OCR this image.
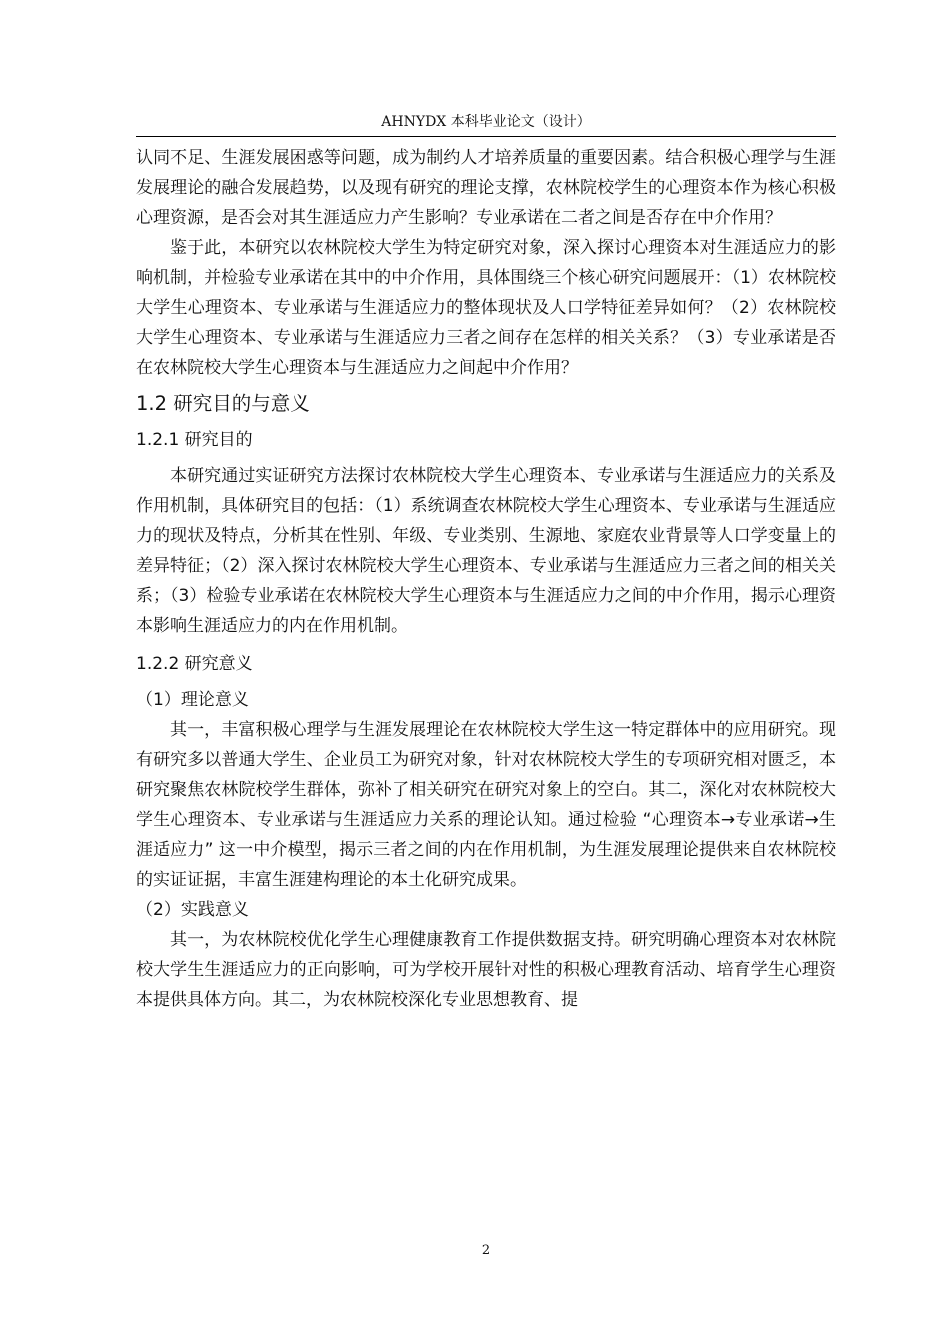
AHNYDX 本科毕业论文（设计）

认同不足、生涯发展困惑等问题，成为制约人才培养质量的重要因素。结合积极心理学与生涯发展理论的融合发展趋势，以及现有研究的理论支撑，农林院校学生的心理资本作为核心积极心理资源，是否会对其生涯适应力产生影响？专业承诺在二者之间是否存在中介作用？

鉴于此，本研究以农林院校大学生为特定研究对象，深入探讨心理资本对生涯适应力的影响机制，并检验专业承诺在其中的中介作用，具体围绕三个核心研究问题展开：（1）农林院校大学生心理资本、专业承诺与生涯适应力的整体现状及人口学特征差异如何？（2）农林院校大学生心理资本、专业承诺与生涯适应力三者之间存在怎样的相关关系？（3）专业承诺是否在农林院校大学生心理资本与生涯适应力之间起中介作用？

1.2 研究目的与意义
1.2.1 研究目的

本研究通过实证研究方法探讨农林院校大学生心理资本、专业承诺与生涯适应力的关系及作用机制，具体研究目的包括：（1）系统调查农林院校大学生心理资本、专业承诺与生涯适应力的现状及特点，分析其在性别、年级、专业类别、生源地、家庭农业背景等人口学变量上的差异特征；（2）深入探讨农林院校大学生心理资本、专业承诺与生涯适应力三者之间的相关关系；（3）检验专业承诺在农林院校大学生心理资本与生涯适应力之间的中介作用，揭示心理资本影响生涯适应力的内在作用机制。

1.2.2 研究意义

（1）理论意义

其一，丰富积极心理学与生涯发展理论在农林院校大学生这一特定群体中的应用研究。现有研究多以普通大学生、企业员工为研究对象，针对农林院校大学生的专项研究相对匮乏，本研究聚焦农林院校学生群体，弥补了相关研究在研究对象上的空白。其二，深化对农林院校大学生心理资本、专业承诺与生涯适应力关系的理论认知。通过检验 “心理资本→专业承诺→生涯适应力” 这一中介模型，揭示三者之间的内在作用机制，为生涯发展理论提供来自农林院校的实证证据，丰富生涯建构理论的本土化研究成果。

（2）实践意义

其一，为农林院校优化学生心理健康教育工作提供数据支持。研究明确心理资本对农林院校大学生生涯适应力的正向影响，可为学校开展针对性的积极心理教育活动、培育学生心理资本提供具体方向。其二，为农林院校深化专业思想教育、提

2
